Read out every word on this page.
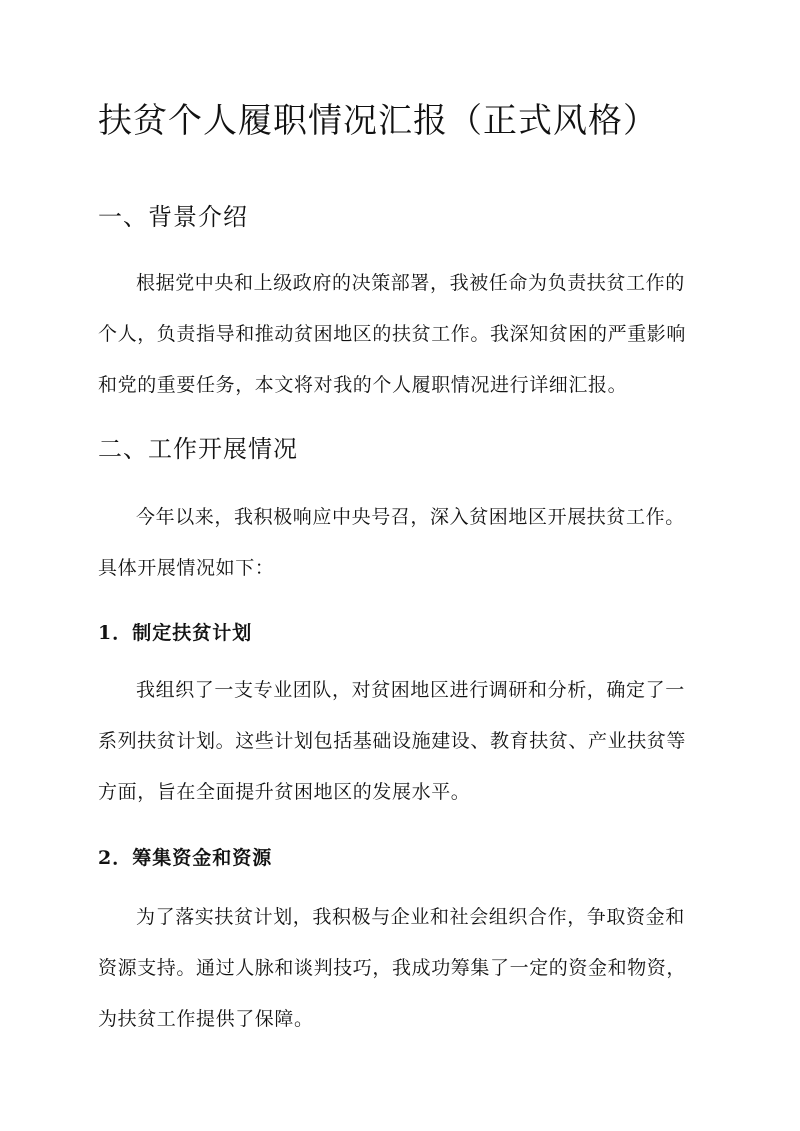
扶贫个人履职情况汇报（正式风格）
一、背景介绍

根据党中央和上级政府的决策部署，我被任命为负责扶贫工作的个人，负责指导和推动贫困地区的扶贫工作。我深知贫困的严重影响和党的重要任务，本文将对我的个人履职情况进行详细汇报。

二、工作开展情况

今年以来，我积极响应中央号召，深入贫困地区开展扶贫工作。具体开展情况如下：

1．制定扶贫计划

我组织了一支专业团队，对贫困地区进行调研和分析，确定了一系列扶贫计划。这些计划包括基础设施建设、教育扶贫、产业扶贫等方面，旨在全面提升贫困地区的发展水平。

2．筹集资金和资源

为了落实扶贫计划，我积极与企业和社会组织合作，争取资金和资源支持。通过人脉和谈判技巧，我成功筹集了一定的资金和物资，为扶贫工作提供了保障。
